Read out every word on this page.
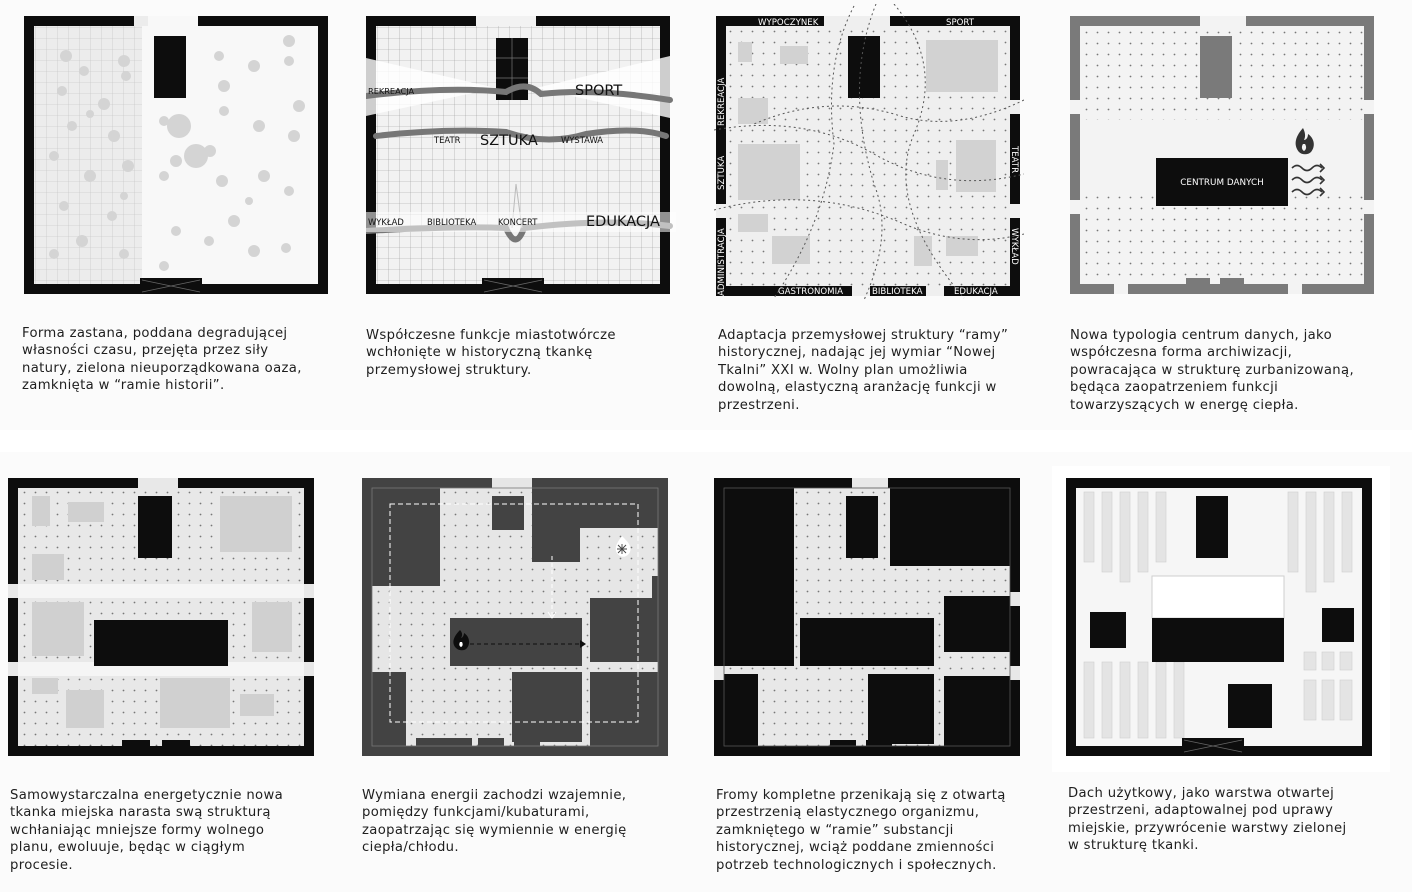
Forma zastana, poddana degradującej
własności czasu, przejęta przez siły
natury, zielona nieuporządkowana oaza,
zamknięta w “ramie historii”.

REKREACJA	SPORT
TEATR SZTUKA	WYSTAWA
WYKŁAD	BIBLIOTEKA	KONCERT	EDUKACJA

Współczesne funkcje miastotwórcze
wchłonięte w historyczną tkankę
przemysłowej struktury.

WYPOCZYNEK	SPORT
REKREACJA
SZTUKA
ADMINISTRACJA
TEATR
WYKŁAD
GASTRONOMIA	BIBLIOTEKA	EDUKACJA

Adaptacja przemysłowej struktury “ramy”
historycznej, nadając jej wymiar “Nowej
Tkalni” XXI w. Wolny plan umożliwia
dowolną, elastyczną aranżację funkcji w
przestrzeni.

CENTRUM DANYCH

Nowa typologia centrum danych, jako
współczesna forma archiwizacji,
powracająca w strukturę zurbanizowaną,
będąca zaopatrzeniem funkcji
towarzyszących w energę ciepła.

Samowystarczalna energetycznie nowa
tkanka miejska narasta swą strukturą
wchłaniając mniejsze formy wolnego
planu, ewoluuje, będąc w ciągłym
procesie.

Wymiana energii zachodzi wzajemnie,
pomiędzy funkcjami/kubaturami,
zaopatrzając się wymiennie w energię
ciepła/chłodu.

Fromy kompletne przenikają się z otwartą
przestrzenią elastycznego organizmu,
zamkniętego w “ramie” substancji
historycznej, wciąż poddane zmienności
potrzeb technologicznych i społecznych.

Dach użytkowy, jako warstwa otwartej
przestrzeni, adaptowalnej pod uprawy
miejskie, przywrócenie warstwy zielonej
w strukturę tkanki.
